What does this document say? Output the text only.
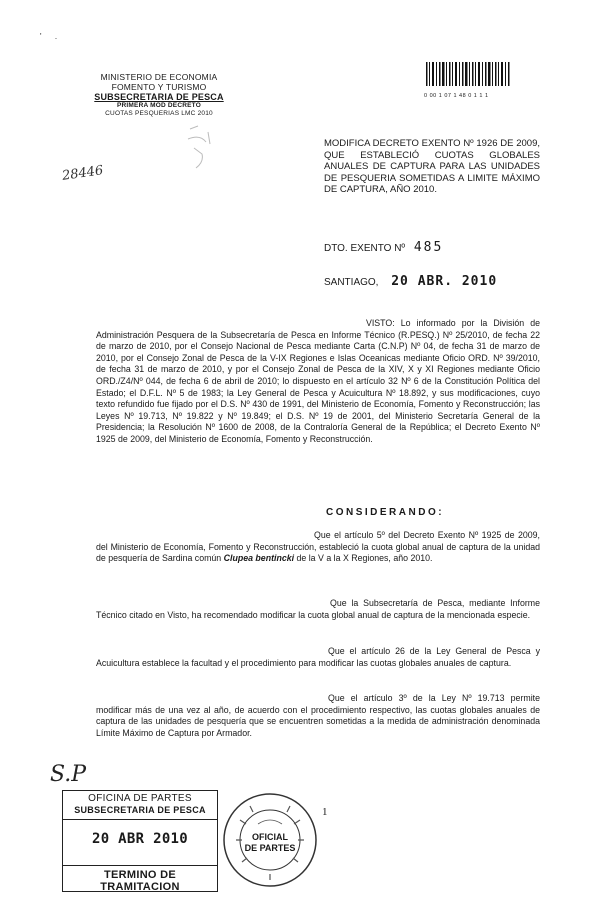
'      .
MINISTERIO DE ECONOMIA
FOMENTO Y TURISMO
SUBSECRETARIA DE PESCA
PRIMERA MOD DECRETO
CUOTAS PESQUERIAS LMC 2010
28446
0 00 1 07 1 48 0 1 1 1
MODIFICA DECRETO EXENTO Nº 1926 DE 2009, QUE ESTABLECIÓ CUOTAS GLOBALES ANUALES DE CAPTURA PARA LAS UNIDADES DE PESQUERIA SOMETIDAS A LIMITE MÁXIMO DE CAPTURA, AÑO 2010.
DTO. EXENTO Nº 485
SANTIAGO, 20 ABR. 2010
VISTO: Lo informado por la División de Administración Pesquera de la Subsecretaría de Pesca en Informe Técnico (R.PESQ.) Nº 25/2010, de fecha 22 de marzo de 2010, por el Consejo Nacional de Pesca mediante Carta (C.N.P) Nº 04, de fecha 31 de marzo de 2010, por el Consejo Zonal de Pesca de la V-IX Regiones e Islas Oceanicas mediante Oficio ORD. Nº 39/2010, de fecha 31 de marzo de 2010, y por el Consejo Zonal de Pesca de la XIV, X y XI Regiones mediante Oficio ORD./Z4/Nº 044, de fecha 6 de abril de 2010; lo dispuesto en el artículo 32 Nº 6 de la Constitución Política del Estado; el D.F.L. Nº 5 de 1983; la Ley General de Pesca y Acuicultura Nº 18.892, y sus modificaciones, cuyo texto refundido fue fijado por el D.S. Nº 430 de 1991, del Ministerio de Economía, Fomento y Reconstrucción; las Leyes Nº 19.713, Nº 19.822 y Nº 19.849; el D.S. Nº 19 de 2001, del Ministerio Secretaría General de la Presidencia; la Resolución Nº 1600 de 2008, de la Contraloría General de la República; el Decreto Exento Nº 1925 de 2009, del Ministerio de Economía, Fomento y Reconstrucción.
CONSIDERANDO:
Que el artículo 5º del Decreto Exento Nº 1925 de 2009, del Ministerio de Economía, Fomento y Reconstrucción, estableció la cuota global anual de captura de la unidad de pesquería de Sardina común Clupea bentincki de la V a la X Regiones, año 2010.
Que la Subsecretaría de Pesca, mediante Informe Técnico citado en Visto, ha recomendado modificar la cuota global anual de captura de la mencionada especie.
Que el artículo 26 de la Ley General de Pesca y Acuicultura establece la facultad y el procedimiento para modificar las cuotas globales anuales de captura.
Que el artículo 3º de la Ley Nº 19.713 permite modificar más de una vez al año, de acuerdo con el procedimiento respectivo, las cuotas globales anuales de captura de las unidades de pesquería que se encuentren sometidas a la medida de administración denominada Límite Máximo de Captura por Armador.
S.P
OFICINA DE PARTES
SUBSECRETARIA DE PESCA
20 ABR 2010
TERMINO DE TRAMITACION
OFICIAL
DE PARTES
1
